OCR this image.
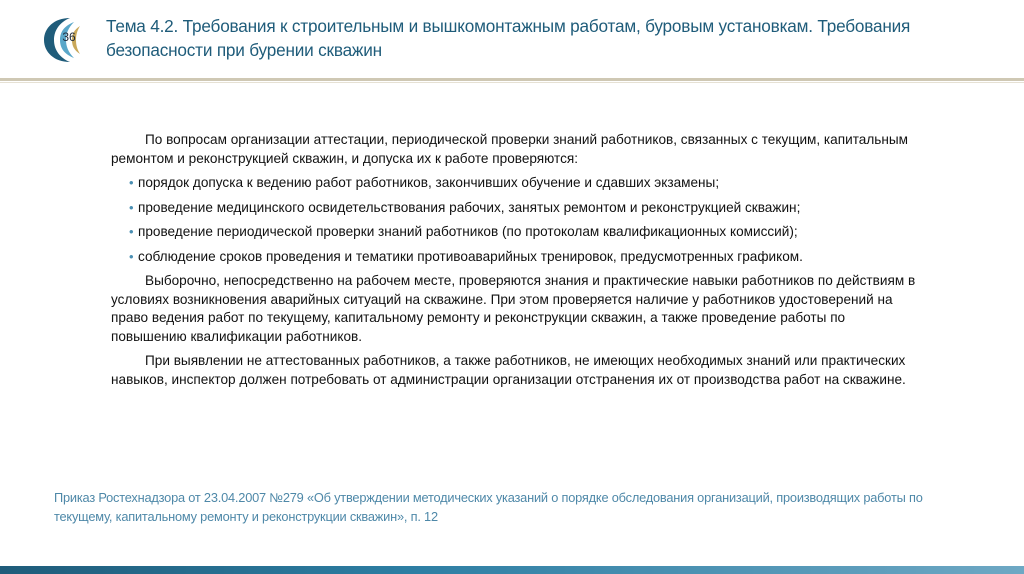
36
Тема 4.2. Требования к строительным и вышкомонтажным работам, буровым установкам. Требования безопасности при бурении скважин

По вопросам организации аттестации, периодической проверки знаний работников, связанных с текущим, капитальным ремонтом и реконструкцией скважин, и допуска их к работе проверяются:

• порядок допуска к ведению работ работников, закончивших обучение и сдавших экзамены;
• проведение медицинского освидетельствования рабочих, занятых ремонтом и реконструкцией скважин;
• проведение периодической проверки знаний работников (по протоколам квалификационных комиссий);
• соблюдение сроков проведения и тематики противоаварийных тренировок, предусмотренных графиком.

Выборочно, непосредственно на рабочем месте, проверяются знания и практические навыки работников по действиям в условиях возникновения аварийных ситуаций на скважине. При этом проверяется наличие у работников удостоверений на право ведения работ по текущему, капитальному ремонту и реконструкции скважин, а также проведение работы по повышению квалификации работников.

При выявлении не аттестованных работников, а также работников, не имеющих необходимых знаний или практических навыков, инспектор должен потребовать от администрации организации отстранения их от производства работ на скважине.

Приказ Ростехнадзора от 23.04.2007 №279 «Об утверждении методических указаний о порядке обследования организаций, производящих работы по текущему, капитальному ремонту и реконструкции скважин», п. 12
